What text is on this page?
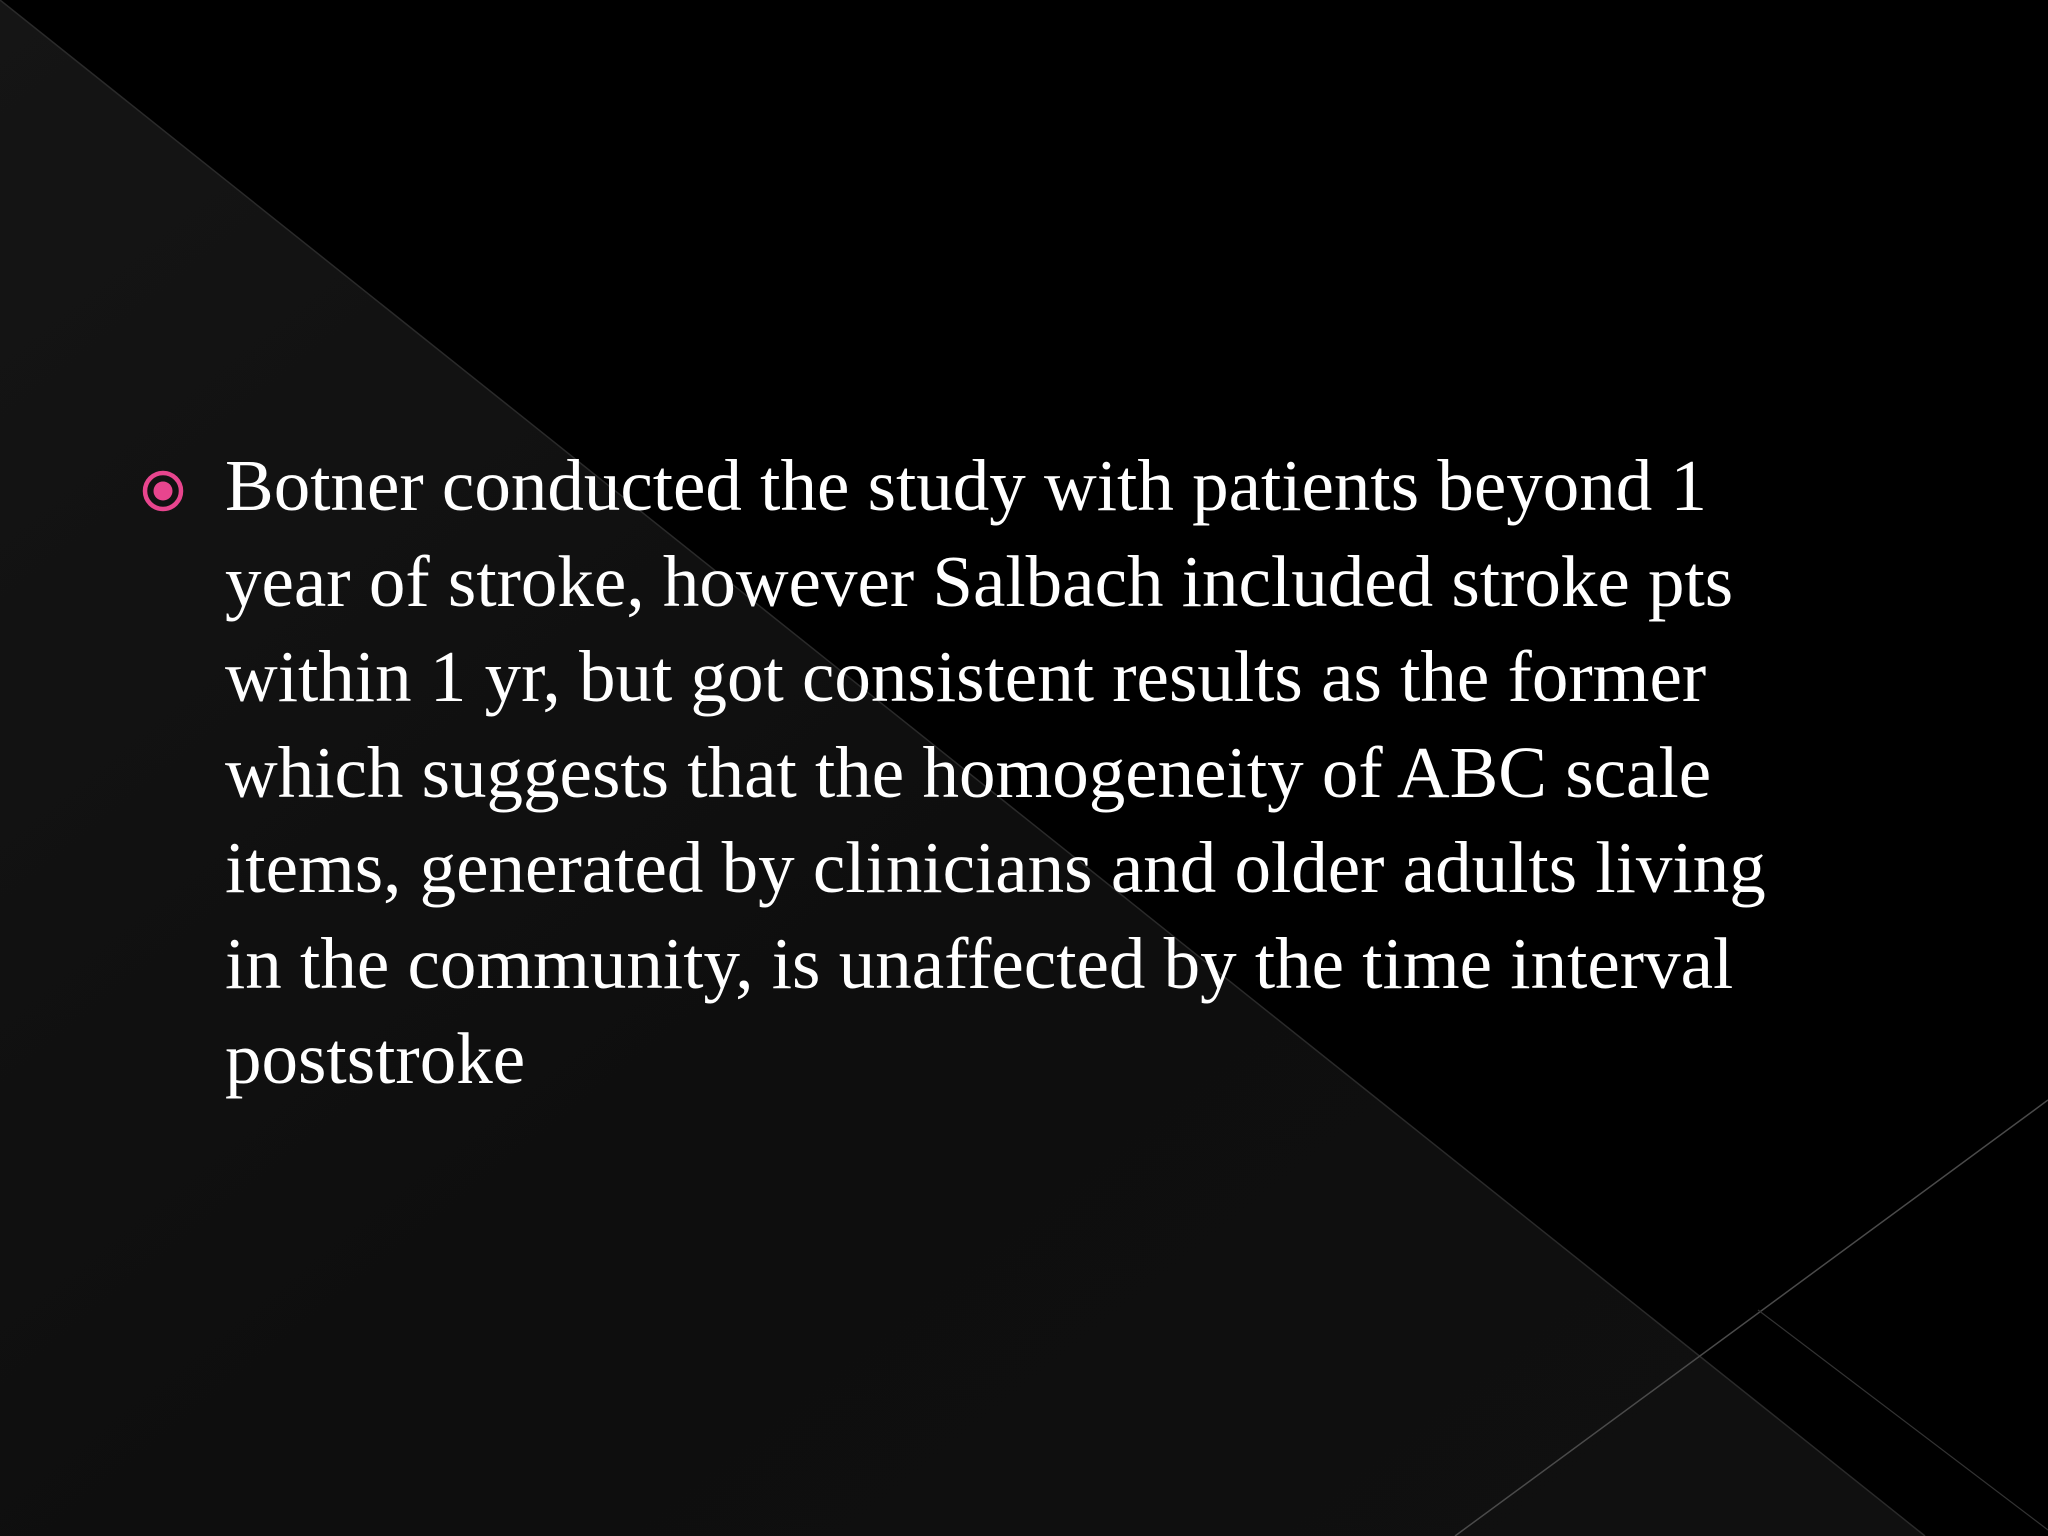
Botner conducted the study with patients beyond 1
year of stroke, however Salbach included stroke pts
within 1 yr, but got consistent results as the former
which suggests that the homogeneity of ABC scale
items, generated by clinicians and older adults living
in the community, is unaffected by the time interval
poststroke
